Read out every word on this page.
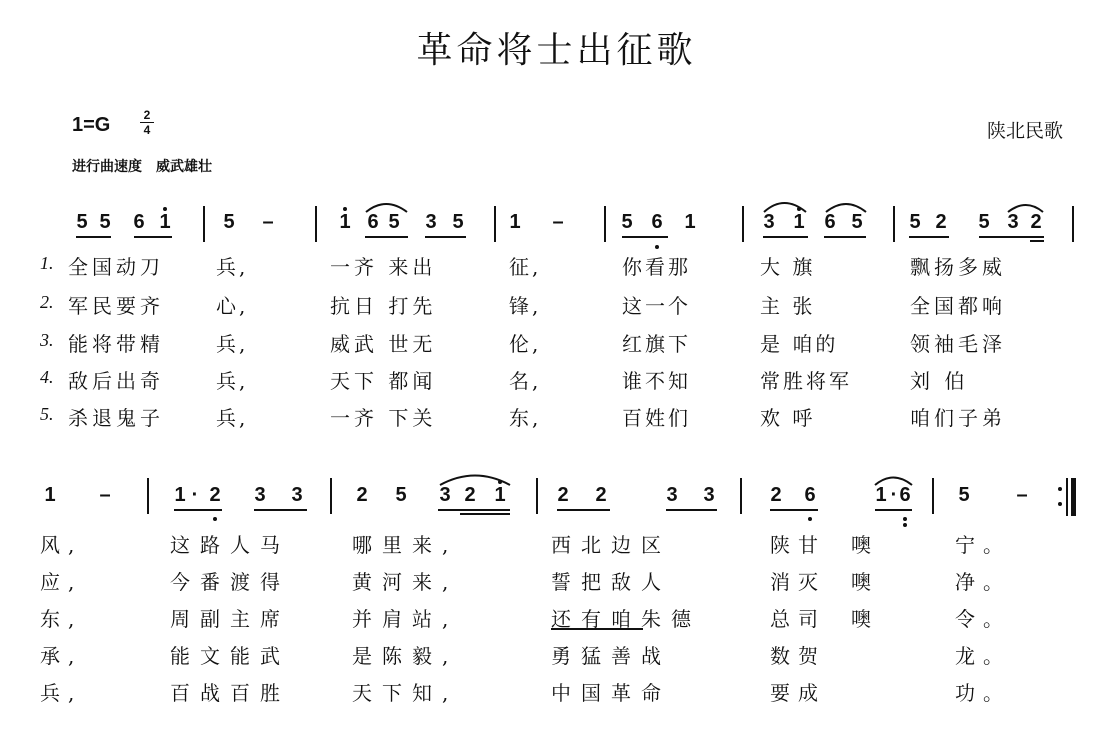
革命将士出征歌
1=G	2
4
进行曲速度　威武雄壮
陕北民歌
5 5 6 1	5 –	1 6 5 3 5 1 –	5 6 1	3 1 6 5 5 2 5 3 2
1 –	1 2 3 3	2 5 3 2 1	2 2	3 3	2 6	1 6 5 –
·	·
1. 全国动刀	兵,	一齐 来出	征,	你看那	大 旗	飘扬多威
2. 军民要齐	心,	抗日 打先	锋,	这一个	主 张	全国都响
3. 能将带精	兵,	威武 世无	伦,	红旗下	是 咱的	领袖毛泽
4. 敌后出奇	兵,	天下 都闻	名,	谁不知	常胜将军	刘 伯
5. 杀退鬼子	兵,	一齐 下关	东,	百姓们	欢 呼	咱们子弟
风,	这路人马	哪里来,	西北边区	陕甘 噢	宁。
应,	今番渡得	黄河来,	誓把敌人	消灭 噢	净。
东,	周副主席	并肩站,	还有咱朱德	总司 噢	令。
承,	能文能武	是陈毅,	勇猛善战	数贺	龙。
兵,	百战百胜	天下知,	中国革命	要成	功。
